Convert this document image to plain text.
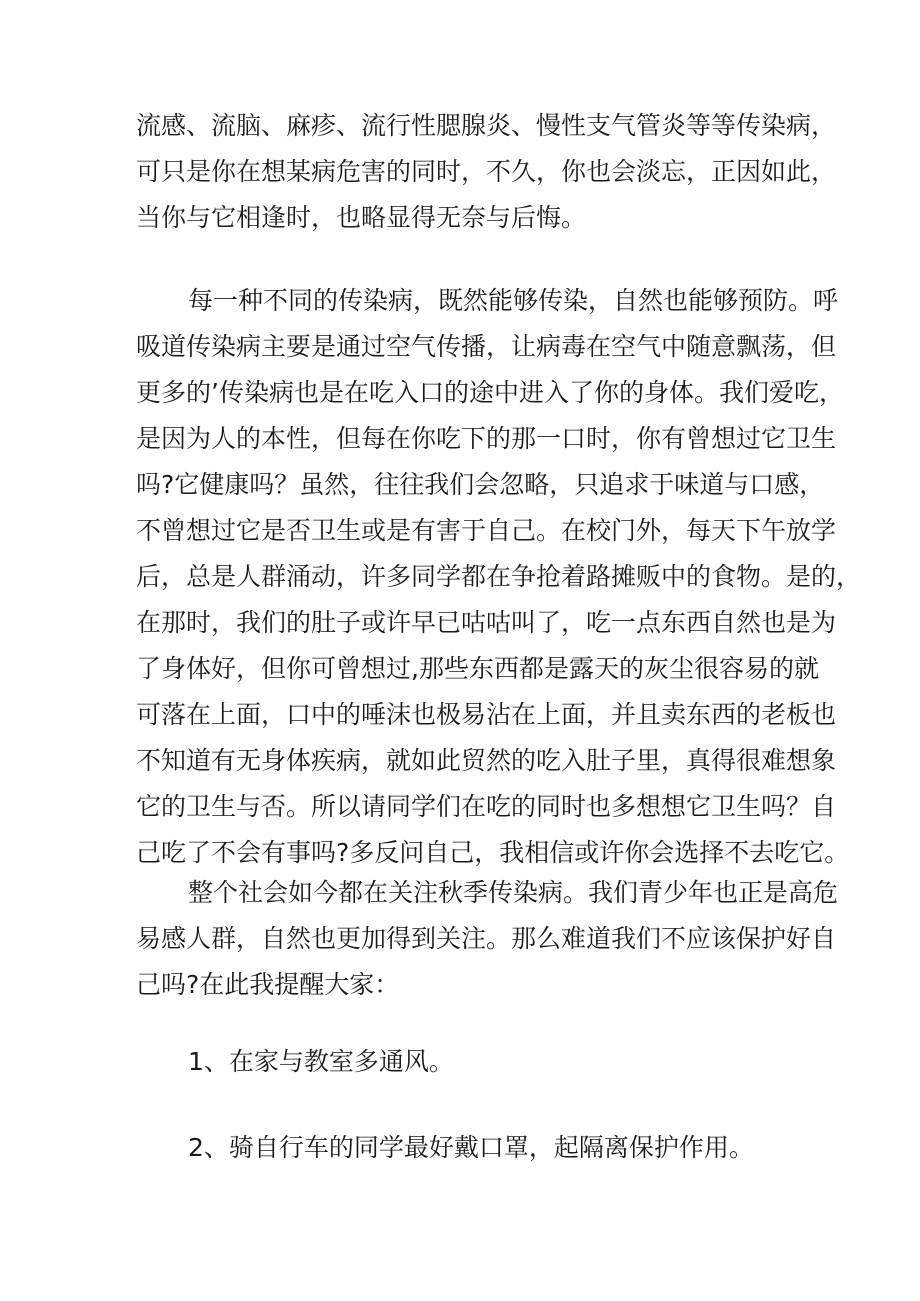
流感、流脑、麻疹、流行性腮腺炎、慢性支气管炎等等传染病，
可只是你在想某病危害的同时，不久，你也会淡忘，正因如此，
当你与它相逢时，也略显得无奈与后悔。
每一种不同的传染病，既然能够传染，自然也能够预防。呼
吸道传染病主要是通过空气传播，让病毒在空气中随意飘荡，但
更多的’传染病也是在吃入口的途中进入了你的身体。我们爱吃，
是因为人的本性，但每在你吃下的那一口时，你有曾想过它卫生
吗?它健康吗？虽然，往往我们会忽略，只追求于味道与口感，
不曾想过它是否卫生或是有害于自己。在校门外，每天下午放学
后，总是人群涌动，许多同学都在争抢着路摊贩中的食物。是的，
在那时，我们的肚子或许早已咕咕叫了，吃一点东西自然也是为
了身体好，但你可曾想过,那些东西都是露天的灰尘很容易的就
可落在上面，口中的唾沫也极易沾在上面，并且卖东西的老板也
不知道有无身体疾病，就如此贸然的吃入肚子里，真得很难想象
它的卫生与否。所以请同学们在吃的同时也多想想它卫生吗？自
己吃了不会有事吗?多反问自己，我相信或许你会选择不去吃它。
整个社会如今都在关注秋季传染病。我们青少年也正是高危
易感人群，自然也更加得到关注。那么难道我们不应该保护好自
己吗?在此我提醒大家：
1、在家与教室多通风。
2、骑自行车的同学最好戴口罩，起隔离保护作用。
